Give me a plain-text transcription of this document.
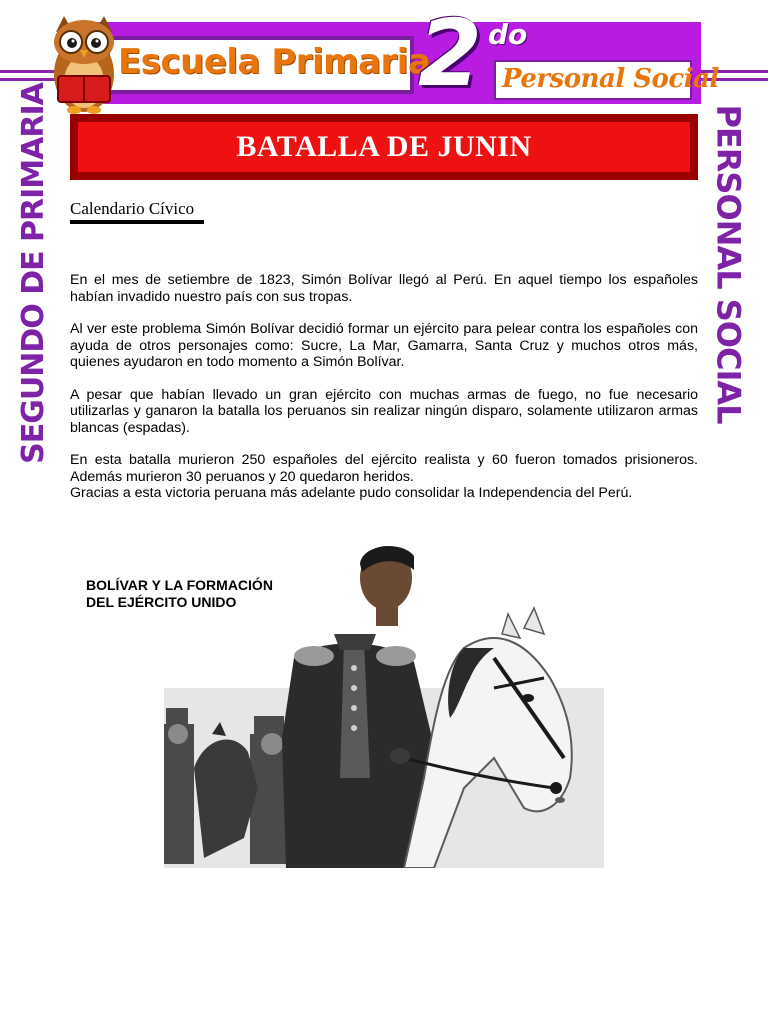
Escuela Primaria
2 do
Personal Social
BATALLA DE JUNIN
SEGUNDO DE PRIMARIA	PERSONAL SOCIAL
Calendario Cívico

En el mes de setiembre de 1823, Simón Bolívar llegó al Perú. En aquel tiempo los españoles habían invadido nuestro país con sus tropas.

Al ver este problema Simón Bolívar decidió formar un ejército para pelear contra los españoles con ayuda de otros personajes como: Sucre, La Mar, Gamarra, Santa Cruz y muchos otros más, quienes ayudaron en todo momento a Simón Bolívar.

A pesar que habían llevado un gran ejército con muchas armas de fuego, no fue necesario utilizarlas y ganaron la batalla los peruanos sin realizar ningún disparo, solamente utilizaron armas blancas (espadas).

En esta batalla murieron 250 españoles del ejército realista y 60 fueron tomados prisioneros. Además murieron 30 peruanos y 20 quedaron heridos.

Gracias a esta victoria peruana más adelante pudo consolidar la Independencia del Perú.

BOLÍVAR Y LA FORMACIÓN
DEL EJÉRCITO UNIDO
